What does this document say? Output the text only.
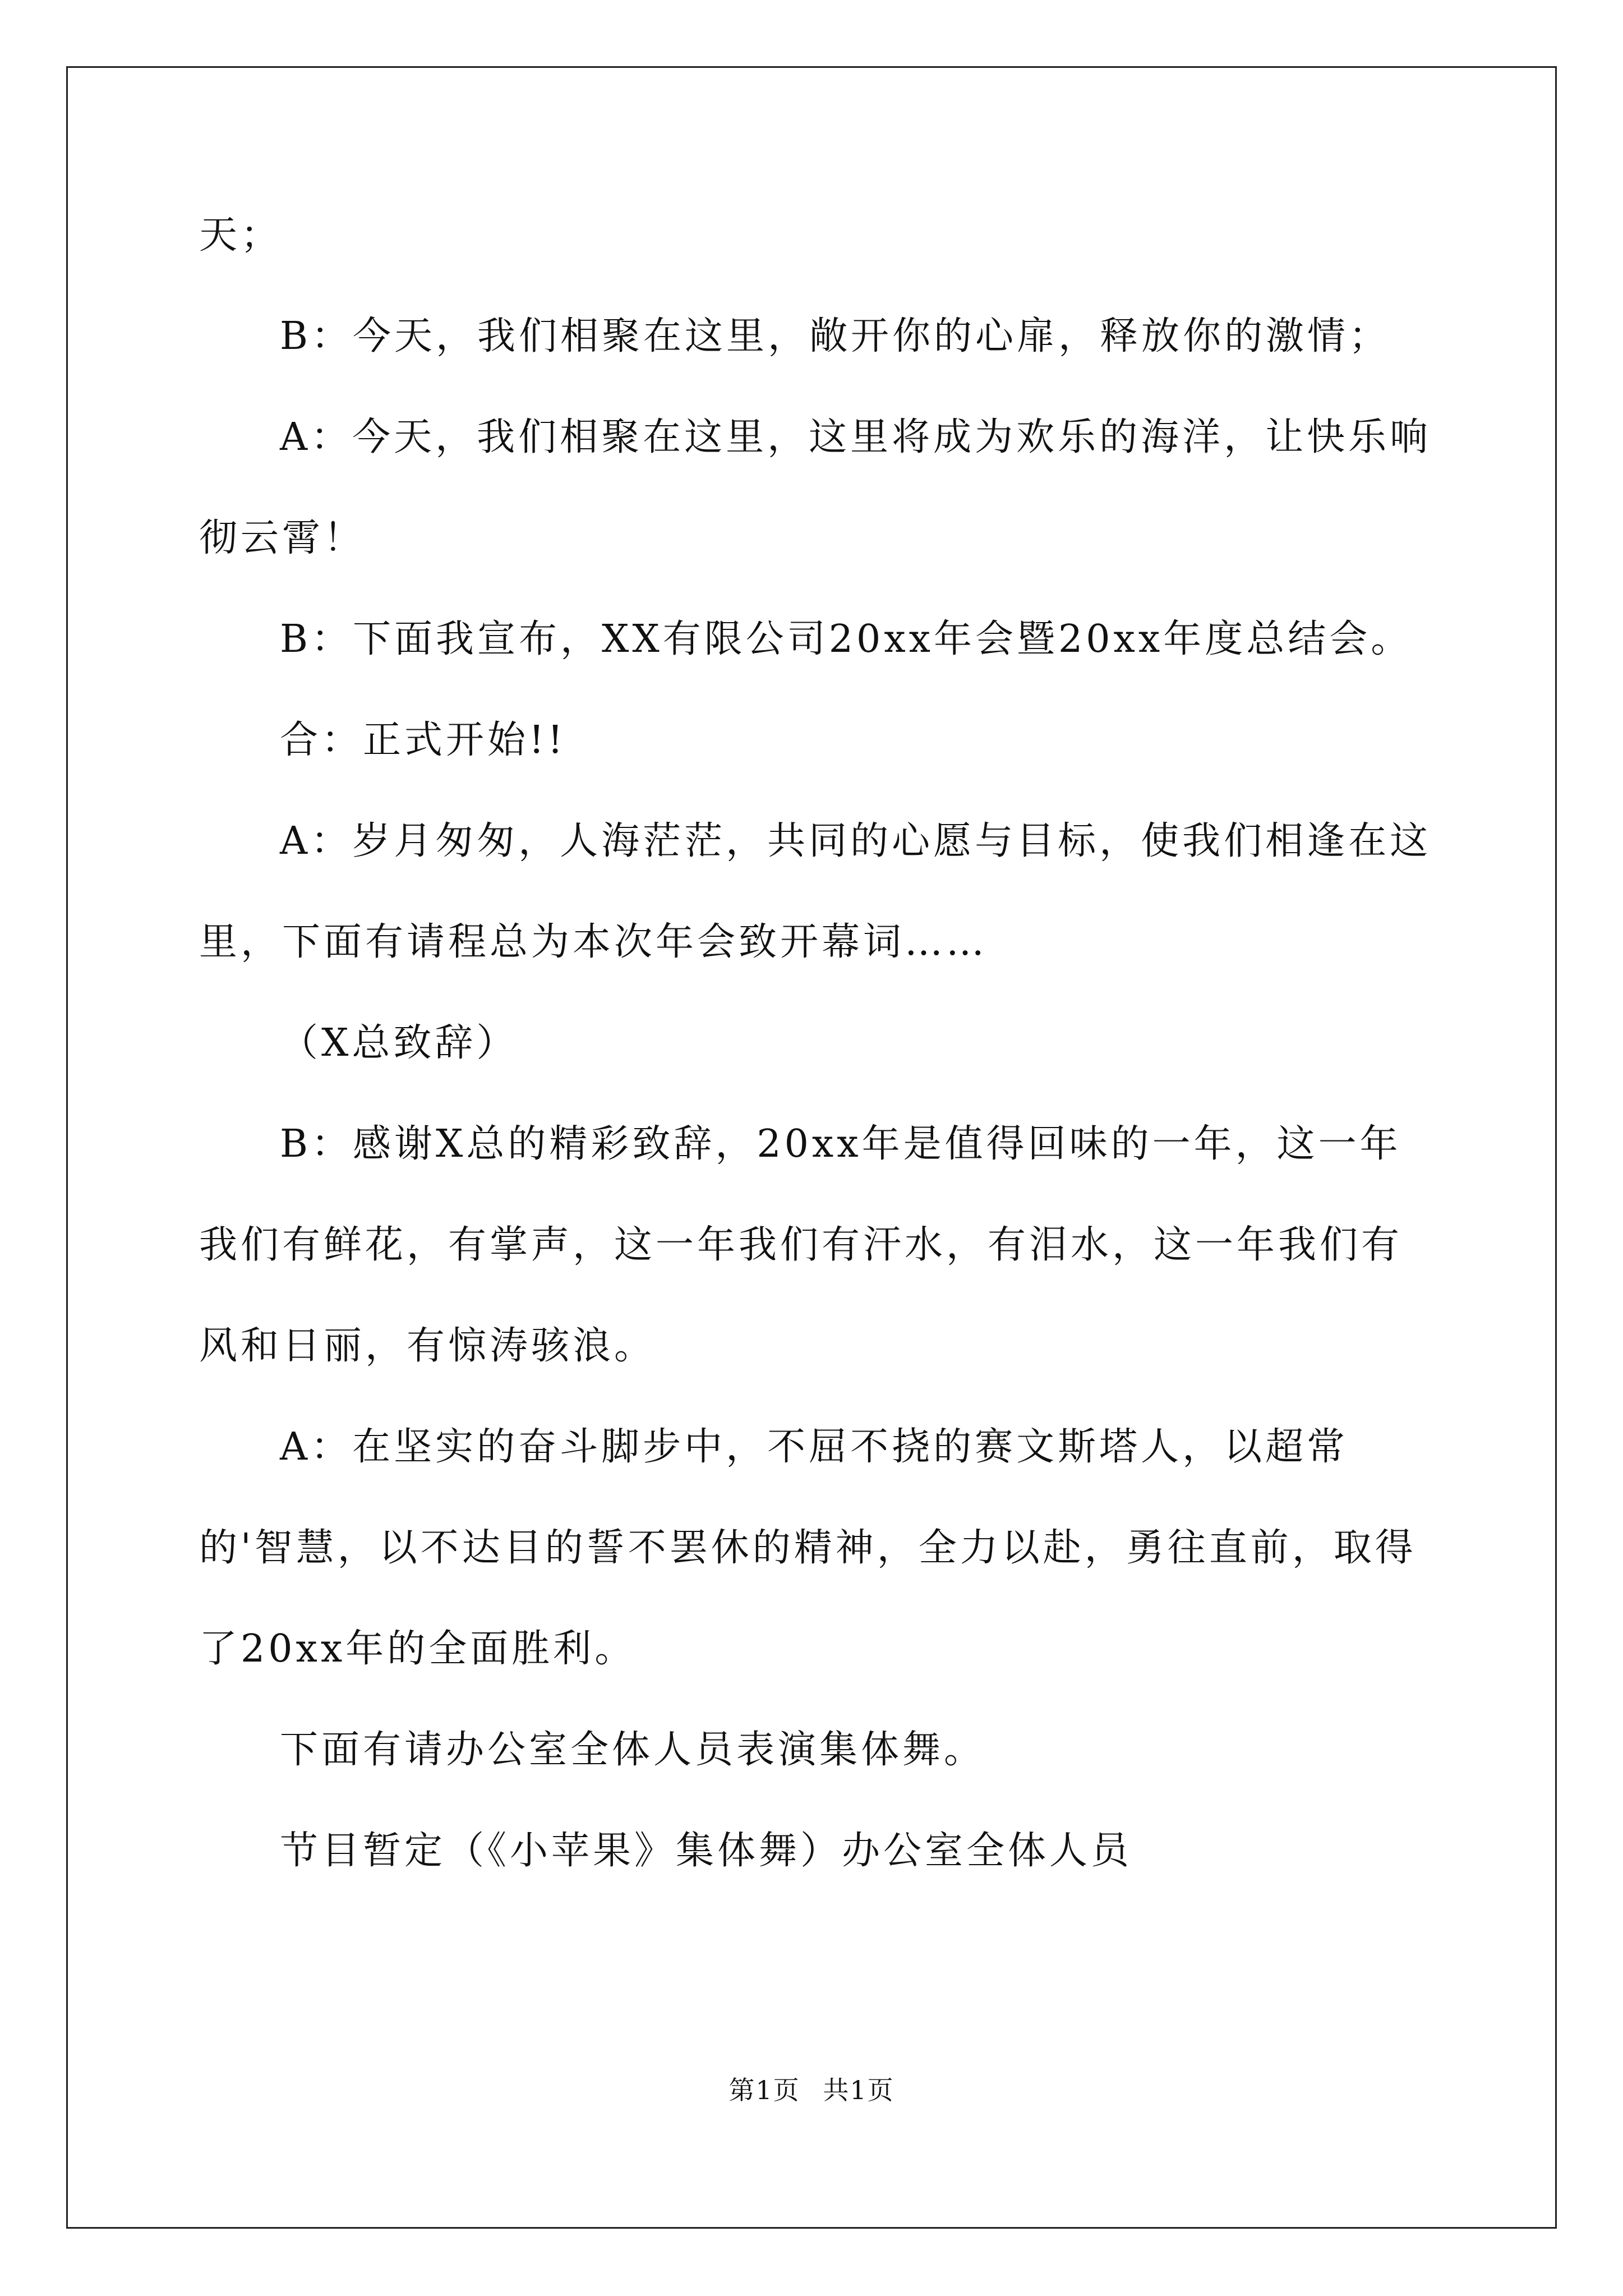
天；

B：今天，我们相聚在这里，敞开你的心扉，释放你的激情；

A：今天，我们相聚在这里，这里将成为欢乐的海洋，让快乐响彻云霄！

B：下面我宣布，XX有限公司20xx年会暨20xx年度总结会。

合：正式开始!!

A：岁月匆匆，人海茫茫，共同的心愿与目标，使我们相逢在这里，下面有请程总为本次年会致开幕词……

（X总致辞）

B：感谢X总的精彩致辞，20xx年是值得回味的一年，这一年我们有鲜花，有掌声，这一年我们有汗水，有泪水，这一年我们有风和日丽，有惊涛骇浪。

A：在坚实的奋斗脚步中，不屈不挠的赛文斯塔人，以超常的'智慧，以不达目的誓不罢休的精神，全力以赴，勇往直前，取得了20xx年的全面胜利。

下面有请办公室全体人员表演集体舞。

节目暂定（《小苹果》集体舞）办公室全体人员

第1页 共1页
